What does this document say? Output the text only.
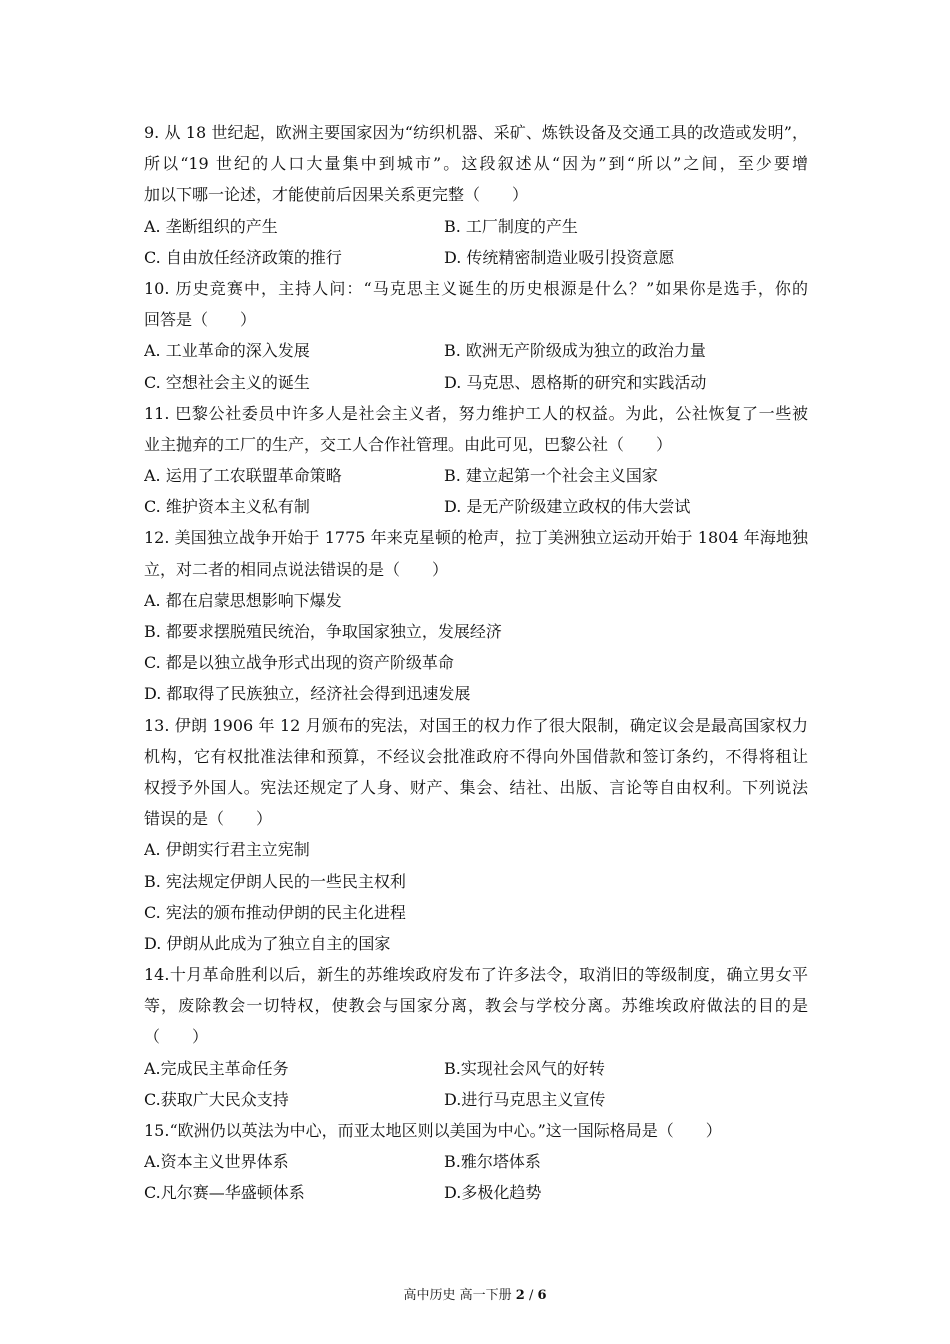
9. 从 18 世纪起，欧洲主要国家因为“纺织机器、采矿、炼铁设备及交通工具的改造或发明”，
所以“19 世纪的人口大量集中到城市”。这段叙述从“因为”到“所以”之间，至少要增
加以下哪一论述，才能使前后因果关系更完整（　　）
A. 垄断组织的产生	B. 工厂制度的产生
C. 自由放任经济政策的推行	D. 传统精密制造业吸引投资意愿
10. 历史竞赛中，主持人问：“马克思主义诞生的历史根源是什么？”如果你是选手，你的
回答是（　　）
A. 工业革命的深入发展	B. 欧洲无产阶级成为独立的政治力量
C. 空想社会主义的诞生	D. 马克思、恩格斯的研究和实践活动
11. 巴黎公社委员中许多人是社会主义者，努力维护工人的权益。为此，公社恢复了一些被
业主抛弃的工厂的生产，交工人合作社管理。由此可见，巴黎公社（　　）
A. 运用了工农联盟革命策略	B. 建立起第一个社会主义国家
C. 维护资本主义私有制	D. 是无产阶级建立政权的伟大尝试
12. 美国独立战争开始于 1775 年来克星顿的枪声，拉丁美洲独立运动开始于 1804 年海地独
立，对二者的相同点说法错误的是（　　）
A. 都在启蒙思想影响下爆发
B. 都要求摆脱殖民统治，争取国家独立，发展经济
C. 都是以独立战争形式出现的资产阶级革命
D. 都取得了民族独立，经济社会得到迅速发展
13. 伊朗 1906 年 12 月颁布的宪法，对国王的权力作了很大限制，确定议会是最高国家权力
机构，它有权批准法律和预算，不经议会批准政府不得向外国借款和签订条约，不得将租让
权授予外国人。宪法还规定了人身、财产、集会、结社、出版、言论等自由权利。下列说法
错误的是（　　）
A. 伊朗实行君主立宪制
B. 宪法规定伊朗人民的一些民主权利
C. 宪法的颁布推动伊朗的民主化进程
D. 伊朗从此成为了独立自主的国家
14.十月革命胜利以后，新生的苏维埃政府发布了许多法令，取消旧的等级制度，确立男女平
等，废除教会一切特权，使教会与国家分离，教会与学校分离。苏维埃政府做法的目的是
（　　）
A.完成民主革命任务	B.实现社会风气的好转
C.获取广大民众支持	D.进行马克思主义宣传
15.“欧洲仍以英法为中心，而亚太地区则以美国为中心。”这一国际格局是（　　）
A.资本主义世界体系	B.雅尔塔体系
C.凡尔赛—华盛顿体系	D.多极化趋势
高中历史 高一下册 2 / 6
